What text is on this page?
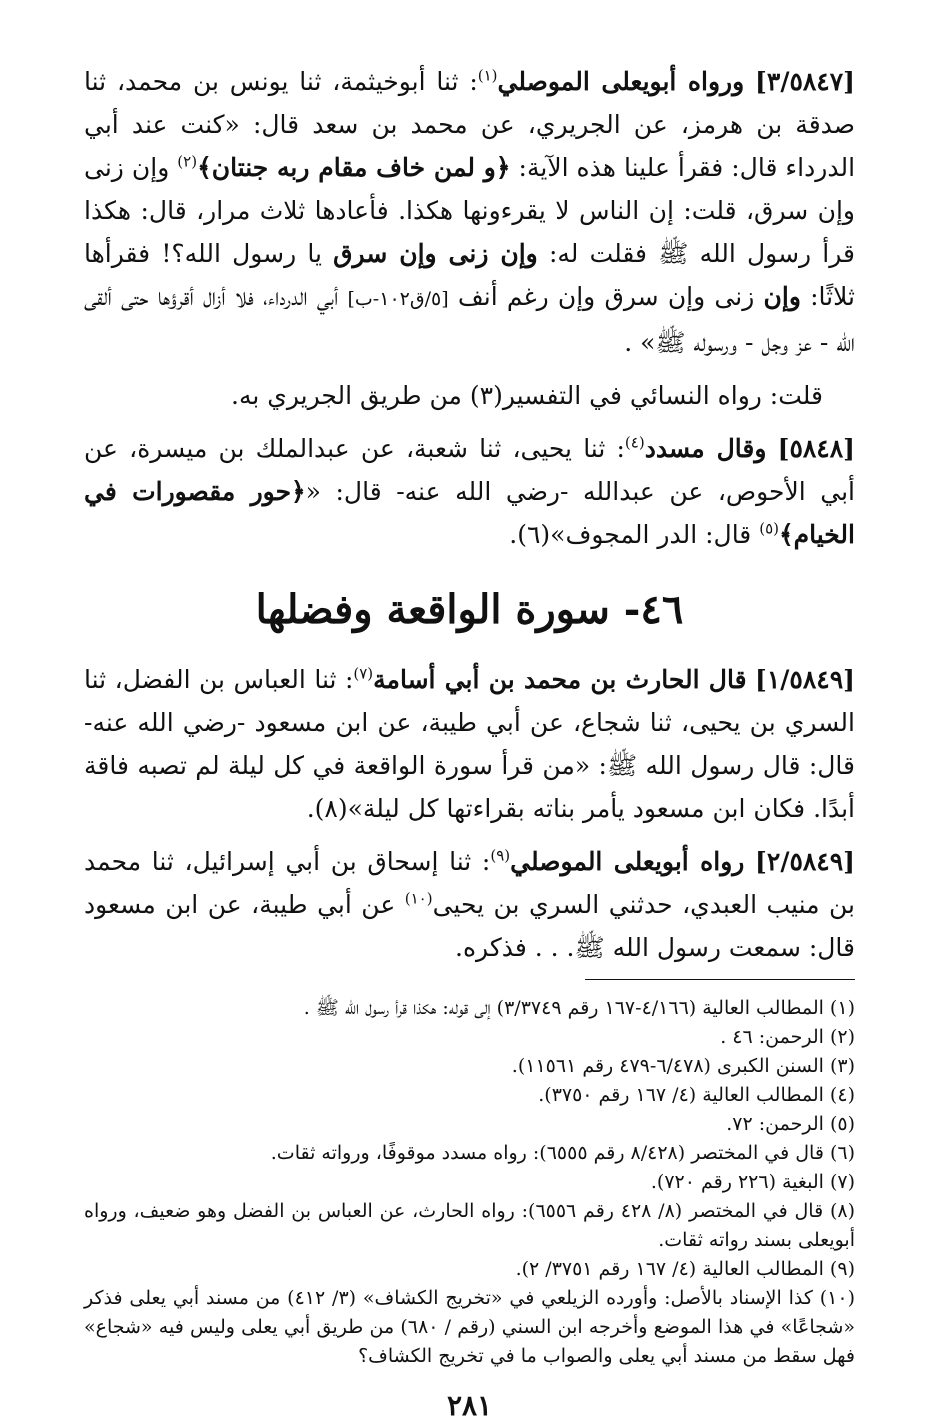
[٣/٥٨٤٧] ورواه أبويعلى الموصلي$^{(١)}$: ثنا أبوخيثمة، ثنا يونس بن محمد، ثنا صدقة بن هرمز، عن الجريري، عن محمد بن سعد قال: «كنت عند أبي الدرداء قال: فقرأ علينا هذه الآية: ﴿و لمن خاف مقام ربه جنتان﴾$^{(٢)}$ وإن زنى وإن سرق، قلت: إن الناس لا يقرءونها هكذا. فأعادها ثلاث مرار، قال: هكذا قرأ رسول الله ﷺ فقلت له: وإن زنى وإن سرق يا رسول الله؟! فقرأها ثلاثًا: وإن زنى وإن سرق وإن رغم أنف [٥/ق١٠٢-ب] أبي الدرداء، فلا أزال أقرؤها حتى ألقى الله - عز وجل - ورسوله ﷺ» .

قلت: رواه النسائي في التفسير(٣) من طريق الجريري به.

[٥٨٤٨] وقال مسدد$^{(٤)}$: ثنا يحيى، ثنا شعبة، عن عبدالملك بن ميسرة، عن أبي الأحوص، عن عبدالله -رضي الله عنه- قال: «﴿حور مقصورات في الخيام﴾$^{(٥)}$ قال: الدر المجوف»(٦).

٤٦- سورة الواقعة وفضلها

[١/٥٨٤٩] قال الحارث بن محمد بن أبي أسامة$^{(٧)}$: ثنا العباس بن الفضل، ثنا السري بن يحيى، ثنا شجاع، عن أبي طيبة، عن ابن مسعود -رضي الله عنه- قال: قال رسول الله ﷺ: «من قرأ سورة الواقعة في كل ليلة لم تصبه فاقة أبدًا. فكان ابن مسعود يأمر بناته بقراءتها كل ليلة»(٨).

[٢/٥٨٤٩] رواه أبويعلى الموصلي$^{(٩)}$: ثنا إسحاق بن أبي إسرائيل، ثنا محمد بن منيب العبدي، حدثني السري بن يحيى$^{(١٠)}$ عن أبي طيبة، عن ابن مسعود قال: سمعت رسول الله ﷺ. . . فذكره.

(١) المطالب العالية (٤/١٦٦-١٦٧ رقم ٣/٣٧٤٩) إلى قوله: هكذا قرأ رسول الله ﷺ .

(٢) الرحمن: ٤٦ .

(٣) السنن الكبرى (٦/٤٧٨-٤٧٩ رقم ١١٥٦١).

(٤) المطالب العالية (٤/ ١٦٧ رقم ٣٧٥٠).

(٥) الرحمن: ٧٢.

(٦) قال في المختصر (٨/٤٢٨ رقم ٦٥٥٥): رواه مسدد موقوفًا، ورواته ثقات.

(٧) البغية (٢٢٦ رقم ٧٢٠).

(٨) قال في المختصر (٨/ ٤٢٨ رقم ٦٥٥٦): رواه الحارث، عن العباس بن الفضل وهو ضعيف، ورواه أبويعلى بسند رواته ثقات.

(٩) المطالب العالية (٤/ ١٦٧ رقم ٣٧٥١/ ٢).

(١٠) كذا الإسناد بالأصل: وأورده الزيلعي في «تخريج الكشاف» (٣/ ٤١٢) من مسند أبي يعلى فذكر «شجاعًا» في هذا الموضع وأخرجه ابن السني (رقم / ٦٨٠) من طريق أبي يعلى وليس فيه «شجاع» فهل سقط من مسند أبي يعلى والصواب ما في تخريج الكشاف؟

٢٨١
